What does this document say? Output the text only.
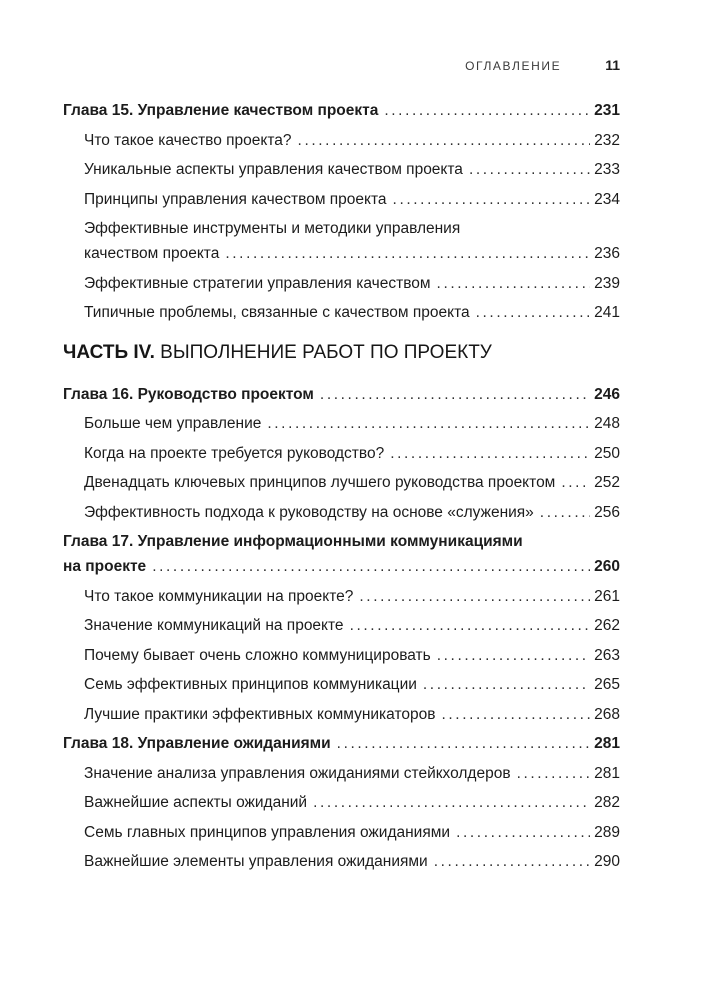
ОГЛАВЛЕНИЕ	11
Глава 15. Управление качеством проекта .....	231
Что такое качество проекта? .....	232
Уникальные аспекты управления качеством проекта .....	233
Принципы управления качеством проекта .....	234
Эффективные инструменты и методики управления
качеством проекта .....	236
Эффективные стратегии управления качеством .....	239
Типичные проблемы, связанные с качеством проекта .....	241
ЧАСТЬ IV. ВЫПОЛНЕНИЕ РАБОТ ПО ПРОЕКТУ
Глава 16. Руководство проектом .....	246
Больше чем управление .....	248
Когда на проекте требуется руководство? .....	250
Двенадцать ключевых принципов лучшего руководства проектом .....	252
Эффективность подхода к руководству на основе «служения» .....	256
Глава 17. Управление информационными коммуникациями
на проекте .....	260
Что такое коммуникации на проекте? .....	261
Значение коммуникаций на проекте .....	262
Почему бывает очень сложно коммуницировать .....	263
Семь эффективных принципов коммуникации .....	265
Лучшие практики эффективных коммуникаторов .....	268
Глава 18. Управление ожиданиями .....	281
Значение анализа управления ожиданиями стейкхолдеров .....	281
Важнейшие аспекты ожиданий .....	282
Семь главных принципов управления ожиданиями .....	289
Важнейшие элементы управления ожиданиями .....	290
